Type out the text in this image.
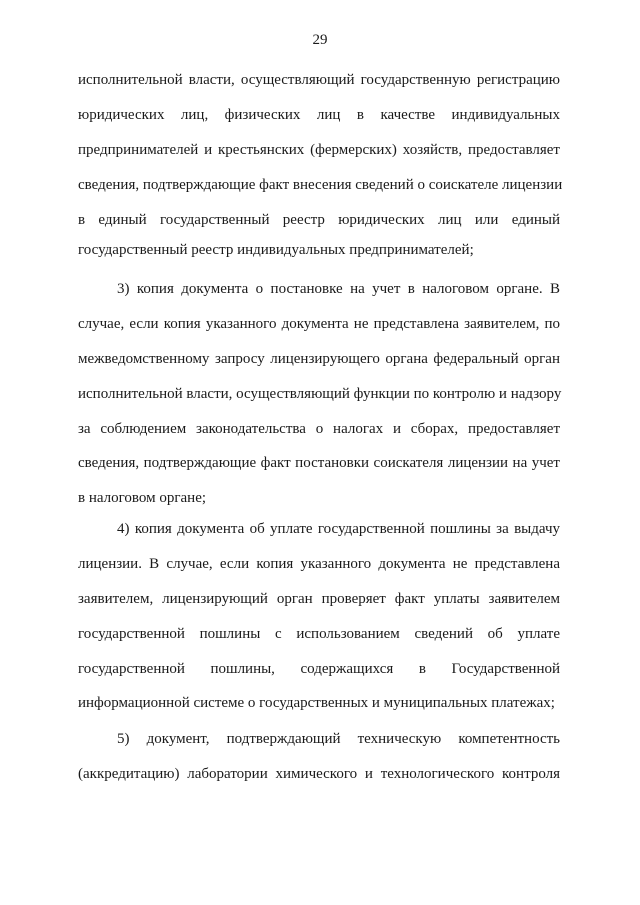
29
исполнительной власти, осуществляющий государственную регистрацию
юридических лиц, физических лиц в качестве индивидуальных
предпринимателей и крестьянских (фермерских) хозяйств, предоставляет
сведения, подтверждающие факт внесения сведений о соискателе лицензии
в единый государственный реестр юридических лиц или единый
государственный реестр индивидуальных предпринимателей;
3) копия документа о постановке на учет в налоговом органе. В
случае, если копия указанного документа не представлена заявителем, по
межведомственному запросу лицензирующего органа федеральный орган
исполнительной власти, осуществляющий функции по контролю и надзору
за соблюдением законодательства о налогах и сборах, предоставляет
сведения, подтверждающие факт постановки соискателя лицензии на учет
в налоговом органе;
4) копия документа об уплате государственной пошлины за выдачу
лицензии. В случае, если копия указанного документа не представлена
заявителем, лицензирующий орган проверяет факт уплаты заявителем
государственной пошлины с использованием сведений об уплате
государственной пошлины, содержащихся в Государственной
информационной системе о государственных и муниципальных платежах;
5) документ, подтверждающий техническую компетентность
(аккредитацию) лаборатории химического и технологического контроля
